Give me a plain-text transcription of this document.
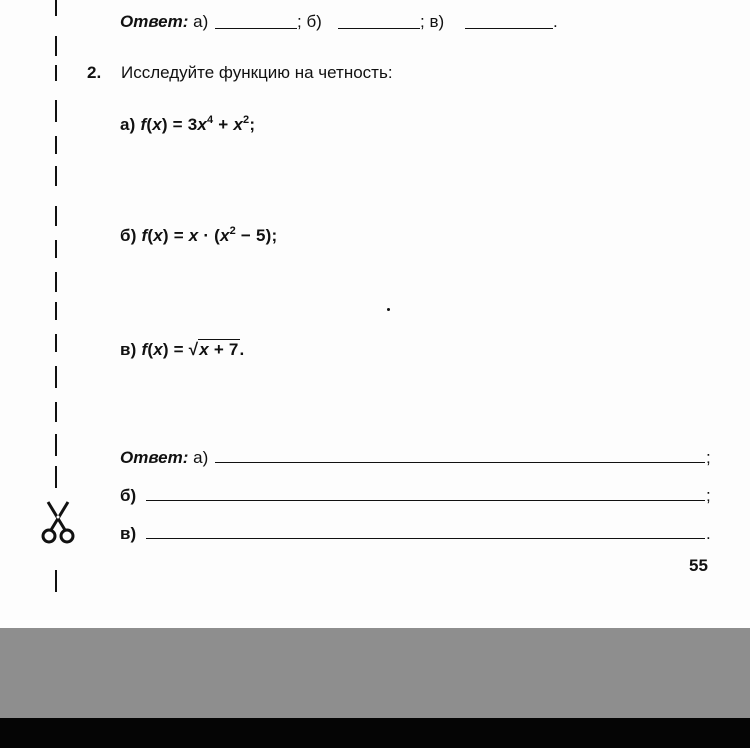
Ответ: а)	; б)	; в)	.
2. Исследуйте функцию на четность:
а) $f(x) = 3x^4 + x^2$;
б) $f(x) = x \cdot (x^2 - 5)$;
в) f(x) = √x + 7.
Ответ: а)	;
б)	;
в)	.
55
